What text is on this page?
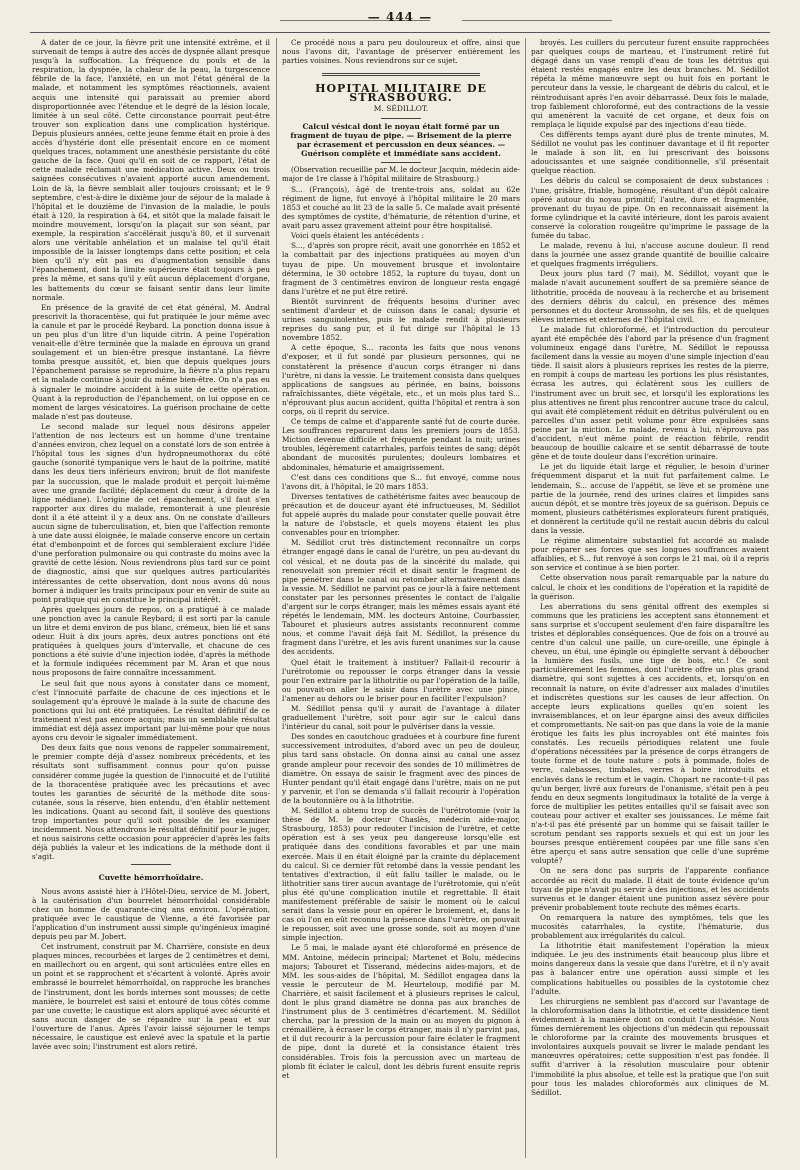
— 444 —

A dater de ce jour, la fièvre prit une intensité extrême, et il survenait de temps à autre des accès de dyspnée allant presque jusqu'à la suffocation. La fréquence du pouls et de la respiration, la dyspnée, la chaleur de la peau, la turgescence fébrile de la face, l'anxiété, en un mot l'état général de la malade, et notamment les symptômes réactionnels, avaient acquis une intensité qui paraissait au premier abord disproportionnée avec l'étendue et le degré de la lésion locale, limitée à un seul côté. Cette circonstance pourrait peut-être trouver son explication dans une complication hystérique. Depuis plusieurs années, cette jeune femme était en proie à des accès d'hystérie dont elle présentait encore en ce moment quelques traces, notamment une anesthésie persistante du côté gauche de la face. Quoi qu'il en soit de ce rapport, l'état de cette malade réclamait une médication active. Deux ou trois saignées consécutives n'avaient apporté aucun amendement. Loin de là, la fièvre semblait aller toujours croissant; et le 9 septembre, c'est-à-dire le dixième jour de séjour de la malade à l'hôpital et le douzième de l'invasion de la maladie, le pouls était à 120, la respiration à 64, et sitôt que la malade faisait le moindre mouvement, lorsqu'on la plaçait sur son séant, par exemple, la respiration s'accélérait jusqu'à 80, et il survenait alors une véritable anhélation et un malaise tel qu'il était impossible de la laisser longtemps dans cette position; et cela bien qu'il n'y eût pas eu d'augmentation sensible dans l'épanchement, dont la limite supérieure était toujours à peu près la même, et sans qu'il y eût aucun déplacement d'organe, les battements du cœur se faisant sentir dans leur limite normale.

En présence de la gravité de cet état général, M. Andral prescrivit la thoracentèse, qui fut pratiquée le jour même avec la canule et par le procédé Reybard. La ponction donna issue à un peu plus d'un litre d'un liquide citrin. A peine l'opération venait-elle d'être terminée que la malade en éprouva un grand soulagement et un bien-être presque instantané. La fièvre tomba presque aussitôt, et, bien que depuis quelques jours l'épanchement paraisse se reproduire, la fièvre n'a plus reparu et la malade continue à jouir du même bien-être. On n'a pas eu à signaler le moindre accident à la suite de cette opération. Quant à la reproduction de l'épanchement, on lui oppose en ce moment de larges vésicatoires. La guérison prochaine de cette malade n'est pas douteuse.

Le second malade sur lequel nous désirons appeler l'attention de nos lecteurs est un homme d'une trentaine d'années environ, chez lequel on a constaté lors de son entrée à l'hôpital tous les signes d'un hydropneumothorax du côté gauche (sonorité tympanique vers le haut de la poitrine, matité dans les deux tiers inférieurs environ; bruit de flot manifeste par la succussion, que le malade produit et perçoit lui-même avec une grande facilité; déplacement du cœur à droite de la ligne médiane). L'origine de cet épanchement, s'il faut s'en rapporter aux dires du malade, remonterait à une pleurésie dont il a été atteint il y a deux ans. On ne constate d'ailleurs aucun signe de tuberculisation, et, bien que l'affection remonte à une date aussi éloignée, le malade conserve encore un certain état d'embonpoint et de forces qui sembleraient exclure l'idée d'une perforation pulmonaire ou qui contraste du moins avec la gravité de cette lésion. Nous reviendrons plus tard sur ce point de diagnostic, ainsi que sur quelques autres particularités intéressantes de cette observation, dont nous avons dû nous borner à indiquer les traits principaux pour en venir de suite au point pratique qui en constitue le principal intérêt.

Après quelques jours de repos, on a pratiqué à ce malade une ponction avec la canule Reybard; il est sorti par la canule un litre et demi environ de pus blanc, crémeux, bien lié et sans odeur. Huit à dix jours après, deux autres ponctions ont été pratiquées à quelques jours d'intervalle, et chacune de ces ponctions a été suivie d'une injection iodée, d'après la méthode et la formule indiquées récemment par M. Aran et que nous nous proposons de faire connaître incessamment.

Le seul fait que nous ayons à constater dans ce moment, c'est l'innocuité parfaite de chacune de ces injections et le soulagement qu'a éprouvé le malade à la suite de chacune des ponctions qui lui ont été pratiquées. Le résultat définitif de ce traitement n'est pas encore acquis; mais un semblable résultat immédiat est déjà assez important par lui-même pour que nous ayons cru devoir le signaler immédiatement.

Des deux faits que nous venons de rappeler sommairement, le premier compte déjà d'assez nombreux précédents, et les résultats sont suffisamment connus pour qu'on puisse considérer comme jugée la question de l'innocuité et de l'utilité de la thoracentèse pratiquée avec les précautions et avec toutes les garanties de sécurité de la méthode dite sous-cutanée, sous la réserve, bien entendu, d'en établir nettement les indications. Quant au second fait, il soulève des questions trop importantes pour qu'il soit possible de les examiner incidemment. Nous attendrons le résultat définitif pour le juger, et nous saisirons cette occasion pour apprécier d'après les faits déjà publiés la valeur et les indications de la méthode dont il s'agit.

Cuvette hémorrhoïdaire.

Nous avons assisté hier à l'Hôtel-Dieu, service de M. Jobert, à la cautérisation d'un bourrelet hémorrhoïdal considérable chez un homme de quarante-cinq ans environ. L'opération, pratiquée avec le caustique de Vienne, a été favorisée par l'application d'un instrument aussi simple qu'ingénieux imaginé depuis peu par M. Jobert.

Cet instrument, construit par M. Charrière, consiste en deux plaques minces, recourbées et larges de 2 centimètres et demi, en maillechort ou en argent, qui sont articulées entre elles en un point et se rapprochent et s'écartent à volonté. Après avoir embrassé le bourrelet hémorrhoïdal, on rapproche les branches de l'instrument, dont les bords internes sont mousses; de cette manière, le bourrelet est saisi et entouré de tous côtés comme par une cuvette; le caustique est alors appliqué avec sécurité et sans aucun danger de se répandre sur la peau et sur l'ouverture de l'anus. Après l'avoir laissé séjourner le temps nécessaire, le caustique est enlevé avec la spatule et la partie lavée avec soin; l'instrument est alors retiré.

Ce procédé nous a paru peu douloureux et offre, ainsi que nous l'avons dit, l'avantage de préserver entièrement les parties voisines. Nous reviendrons sur ce sujet.

HOPITAL MILITAIRE DE STRASBOURG.
M. SÉDILLOT.
Calcul vésical dont le noyau était formé par un fragment de tuyau de pipe. — Brisement de la pierre par écrasement et percussion en deux séances. — Guérison complète et immédiate sans accident.

(Observation recueillie par M. le docteur Jacquin, médecin aide-major de 1re classe à l'hôpital militaire de Strasbourg.)

S... (François), âgé de trente-trois ans, soldat au 62e régiment de ligne, fut envoyé à l'hôpital militaire le 20 mars 1853 et couché au lit 23 de la salle 5. Ce malade avait présenté des symptômes de cystite, d'hématurie, de rétention d'urine, et avait paru assez gravement atteint pour être hospitalisé.

Voici quels étaient les antécédents :

S..., d'après son propre récit, avait une gonorrhée en 1852 et la combattait par des injections pratiquées au moyen d'un tuyau de pipe. Un mouvement brusque et involontaire détermina, le 30 octobre 1852, la rupture du tuyau, dont un fragment de 3 centimètres environ de longueur resta engagé dans l'urètre et ne put être retiré.

Bientôt survinrent de fréquents besoins d'uriner avec sentiment d'ardeur et de cuisson dans le canal; dysurie et urines sanguinolentes, puis le malade rendit à plusieurs reprises du sang pur, et il fut dirigé sur l'hôpital le 13 novembre 1852.

A cette époque, S... raconta les faits que nous venons d'exposer, et il fut sondé par plusieurs personnes, qui ne constatèrent la présence d'aucun corps étranger ni dans l'urètre, ni dans la vessie. Le traitement consista dans quelques applications de sangsues au périnée, en bains, boissons rafraîchissantes, diète végétale, etc., et un mois plus tard S... n'éprouvant plus aucun accident, quitta l'hôpital et rentra à son corps, où il reprit du service.

Ce temps de calme et d'apparente santé fut de courte durée. Les souffrances reparurent dans les premiers jours de 1853. Miction devenue difficile et fréquente pendant la nuit; urines troubles, légèrement catarrhales, parfois teintes de sang; dépôt abondant de mucosités purulentes; douleurs lombaires et abdominales, hématurie et amaigrissement.

C'est dans ces conditions que S... fut envoyé, comme nous l'avons dit, à l'hôpital, le 20 mars 1853.

Diverses tentatives de cathétérisme faites avec beaucoup de précaution et de douceur ayant été infructueuses, M. Sédillot fut appelé auprès du malade pour constater quelle pouvait être la nature de l'obstacle, et quels moyens étaient les plus convenables pour en triompher.

M. Sédillot crut très distinctement reconnaître un corps étranger engagé dans le canal de l'urètre, un peu au-devant du col vésical, et ne douta pas de la sincérité du malade, qui renouvelait son premier récit et disait sentir le fragment de pipe pénétrer dans le canal ou retomber alternativement dans la vessie. M. Sédillot ne parvint pas ce jour-là à faire nettement constater par les personnes présentes le contact de l'algalie d'argent sur le corps étranger, mais les mêmes essais ayant été répétés le lendemain, MM. les docteurs Antoine, Courbassier, Tabouret et plusieurs autres assistants reconnurent comme nous, et comme l'avait déjà fait M. Sédillot, la présence du fragment dans l'urètre, et les avis furent unanimes sur la cause des accidents.

Quel était le traitement à instituer? Fallait-il recourir à l'urétrotomie ou repousser le corps étranger dans la vessie pour l'en extraire par la lithotritie ou par l'opération de la taille, ou pouvait-on aller le saisir dans l'urètre avec une pince, l'amener au dehors ou le briser pour en faciliter l'expulsion?

M. Sédillot pensa qu'il y aurait de l'avantage à dilater graduellement l'urètre, soit pour agir sur le calcul dans l'intérieur du canal, soit pour le pulvériser dans la vessie.

Des sondes en caoutchouc graduées et à courbure fine furent successivement introduites, d'abord avec un peu de douleur, plus tard sans obstacle. On donna ainsi au canal une assez grande ampleur pour recevoir des sondes de 10 millimètres de diamètre. On essaya de saisir le fragment avec des pinces de Hunter pendant qu'il était engagé dans l'urètre, mais on ne put y parvenir, et l'on se demanda s'il fallait recourir à l'opération de la boutonnière ou à la lithotritie.

M. Sédillot a obtenu trop de succès de l'urétrotomie (voir la thèse de M. le docteur Chaslès, médecin aide-major, Strasbourg, 1853) pour redouter l'incision de l'urètre, et cette opération est à ses yeux peu dangereuse lorsqu'elle est pratiquée dans des conditions favorables et par une main exercée. Mais il en était éloigné par la crainte du déplacement du calcul. Si ce dernier fût retombé dans la vessie pendant les tentatives d'extraction, il eût fallu tailler le malade, ou le lithotritier sans tirer aucun avantage de l'urétrotomie, qui n'eût plus été qu'une complication inutile et regrettable. Il était manifestement préférable de saisir le moment où le calcul serait dans la vessie pour en opérer le broiement, et, dans le cas où l'on en eût reconnu la présence dans l'urètre, on pouvait le repousser, soit avec une grosse sonde, soit au moyen d'une simple injection.

Le 5 mai, le malade ayant été chloroformé en présence de MM. Antoine, médecin principal; Martenet et Bolu, médecins majors; Tabouret et Tisserand, médecins aides-majors, et de MM. les sous-aides de l'hôpital, M. Sédillot engagea dans la vessie le percuteur de M. Heurteloup, modifié par M. Charrière, et saisit facilement et à plusieurs reprises le calcul, dont le plus grand diamètre ne donna pas aux branches de l'instrument plus de 3 centimètres d'écartement. M. Sédillot chercha, par la pression de la main ou au moyen du pignon à crémaillère, à écraser le corps étranger, mais il n'y parvint pas, et il dut recourir à la percussion pour faire éclater le fragment de pipe, dont la dureté et la consistance étaient très considérables. Trois fois la percussion avec un marteau de plomb fit éclater le calcul, dont les débris furent ensuite repris et

broyés. Les cuillers du percuteur furent ensuite rapprochées par quelques coups de marteau, et l'instrument retiré fut dégagé dans un vase rempli d'eau de tous les détritus qui étaient restés engagés entre les deux branches. M. Sédillot répéta la même manœuvre sept ou huit fois en portant le percuteur dans la vessie, le chargeant de débris du calcul, et le réintroduisant après l'en avoir débarrassé. Deux fois le malade, trop faiblement chloroformé, eut des contractions de la vessie qui amenèrent la vacuité de cet organe, et deux fois on remplaça le liquide expulsé par des injections d'eau tiède.

Ces différents temps ayant duré plus de trente minutes, M. Sédillot ne voulut pas les continuer davantage et il fit reporter le malade à son lit, en lui prescrivant des boissons adoucissantes et une saignée conditionnelle, s'il présentait quelque réaction.

Les débris du calcul se composaient de deux substances : l'une, grisâtre, friable, homogène, résultant d'un dépôt calcaire opéré autour du noyau primitif; l'autre, dure et fragmentée, provenant du tuyau de pipe. On en reconnaissait aisément la forme cylindrique et la cavité intérieure, dont les parois avaient conservé la coloration rougeâtre qu'imprime le passage de la fumée du tabac.

Le malade, revenu à lui, n'accuse aucune douleur. Il rend dans la journée une assez grande quantité de bouillie calcaire et quelques fragments irréguliers.

Deux jours plus tard (7 mai), M. Sédillot, voyant que le malade n'avait aucunement souffert de sa première séance de lithotritie, procéda de nouveau à la recherche et au brisement des derniers débris du calcul, en présence des mêmes personnes et du docteur Aronssohn, de ses fils, et de quelques élèves internes et externes de l'hôpital civil.

Le malade fut chloroformé, et l'introduction du percuteur ayant été empêchée dès l'abord par la présence d'un fragment volumineux engagé dans l'urètre, M. Sédillot le repoussa facilement dans la vessie au moyen d'une simple injection d'eau tiède. Il saisit alors à plusieurs reprises les restes de la pierre, en rompit à coups de marteau les portions les plus résistantes, écrasa les autres, qui éclatèrent sous les cuillers de l'instrument avec un bruit sec, et lorsqu'il les explorations les plus attentives ne firent plus rencontrer aucune trace du calcul, qui avait été complètement réduit en détritus pulvérulent ou en parcelles d'un assez petit volume pour être expulsées sans peine par la miction. Le malade, revenu à lui, n'éprouva pas d'accident, n'eut même point de réaction fébrile, rendit beaucoup de bouillie calcaire et se sentit débarrassé de toute gêne et de toute douleur dans l'excrétion urinaire.

Le jet du liquide était large et régulier, le besoin d'uriner fréquemment disparut et la nuit fut parfaitement calme. Le lendemain, S... accuse de l'appétit, se lève et se promène une partie de la journée, rend des urines claires et limpides sans aucun dépôt, et se montre très joyeux de sa guérison. Depuis ce moment, plusieurs cathétérismes explorateurs furent pratiqués, et donnèrent la certitude qu'il ne restait aucun débris du calcul dans la vessie.

Le régime alimentaire substantiel fut accordé au malade pour réparer ses forces que ses longues souffrances avaient affaiblies, et S... fut renvoyé à son corps le 21 mai, où il a repris son service et continue à se bien porter.

Cette observation nous paraît remarquable par la nature du calcul, le choix et les conditions de l'opération et la rapidité de la guérison.

Les aberrations du sens génital offrent des exemples si communs que les praticiens les acceptent sans étonnement et sans surprise et s'occupent seulement d'en faire disparaître les tristes et déplorables conséquences. Que de fois on a trouvé au centre d'un calcul une paille, un cure-oreille, une épingle à cheveu, un étui, une épingle ou épinglette servant à déboucher la lumière des fusils, une tige de bois, etc.! Ce sont particulièrement les femmes, dont l'urètre offre un plus grand diamètre, qui sont sujettes à ces accidents, et, lorsqu'on en reconnaît la nature, on évite d'adresser aux malades d'inutiles et indiscrètes questions sur les causes de leur affection. On accepte leurs explications quelles qu'en soient les invraisemblances, et on leur épargne ainsi des aveux difficiles et compromettants. Ne sait-on pas que dans la voie de la manie érotique les faits les plus incroyables ont été maintes fois constatés. Les recueils périodiques relatent une foule d'opérations nécessitées par la présence de corps étrangers de toute forme et de toute nature : pots à pommade, fioles de verre, calebasses, timbales, verres à boire introduits et enclavés dans le rectum et le vagin. Chopart ne raconte-t-il pas qu'un berger, livré aux fureurs de l'onanisme, s'était pen à peu fendu en deux segments longitudinaux la totalité de la verge à force de multiplier les petites entailles qu'il se faisait avec son couteau pour activer et exalter ses jouissances. Le même fait n'a-t-il pas été présenté par un homme qui se faisait tailler le scrotum pendant ses rapports sexuels et qui est un jour les bourses presque entièrement coupées par une fille sans s'en être aperçu et sans autre sensation que celle d'une suprême volupté?

On ne sera donc pas surpris de l'apparente confiance accordée au récit du malade. Il était de toute évidence qu'un tuyau de pipe n'avait pu servir à des injections, et les accidents survenus et le danger étaient une punition assez sévère pour prévenir probablement toute rechute des mêmes écarts.

On remarquera la nature des symptômes, tels que les mucosités catarrhales, la cystite, l'hématurie, dus probablement aux irrégularités du calcul.

La lithotritie était manifestement l'opération la mieux indiquée. Le jeu des instruments était beaucoup plus libre et moins dangereux dans la vessie que dans l'urètre, et il n'y avait pas à balancer entre une opération aussi simple et les complications habituelles ou possibles de la cystotomie chez l'adulte.

Les chirurgiens ne semblent pas d'accord sur l'avantage de la chloroformisation dans la lithotritie, et cette dissidence tient évidemment à la manière dont on conduit l'anesthésie. Nous fûmes dernièrement les objections d'un médecin qui repoussait le chloroforme par la crainte des mouvements brusques et involontaires auxquels pouvait se livrer le malade pendant les manœuvres opératoires; cette supposition n'est pas fondée. Il suffit d'arriver à la résolution musculaire pour obtenir l'immobilité la plus absolue, et telle est la pratique que l'on suit pour tous les malades chloroformés aux cliniques de M. Sédillot.
